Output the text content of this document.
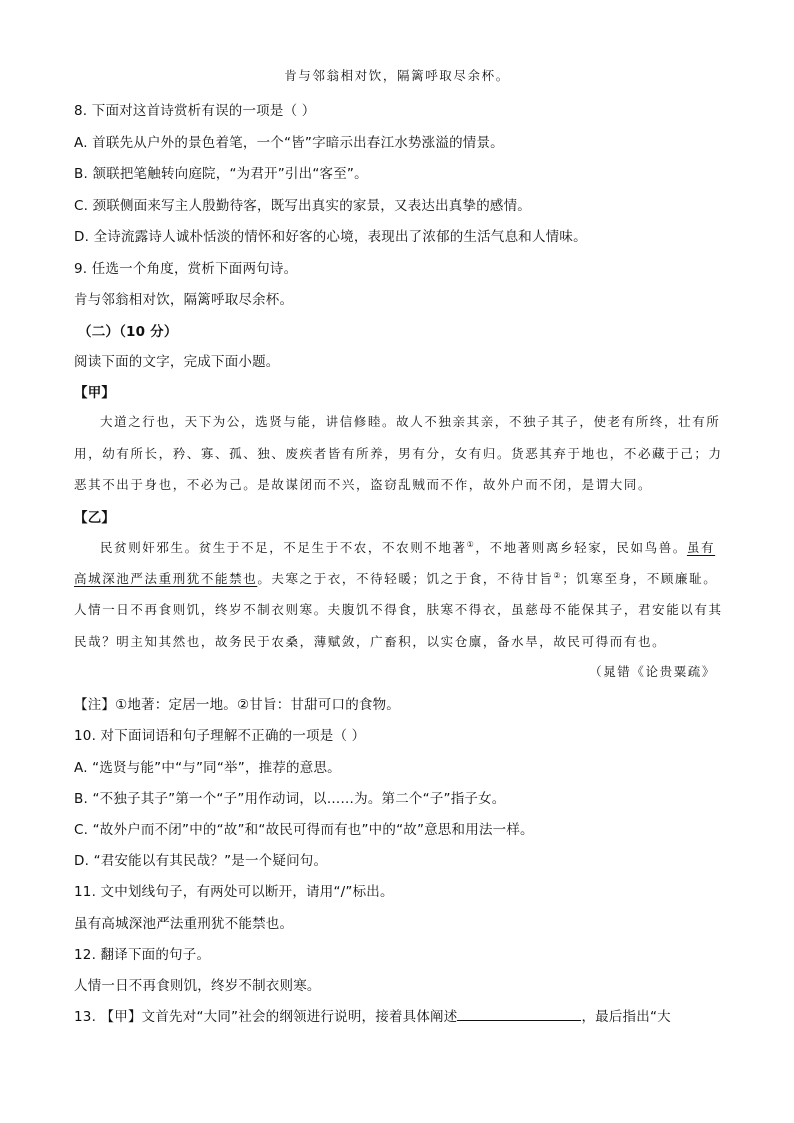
肯与邻翁相对饮，隔篱呼取尽余杯。
8. 下面对这首诗赏析有误的一项是（ ）
A. 首联先从户外的景色着笔，一个“皆”字暗示出春江水势涨溢的情景。
B. 颔联把笔触转向庭院，“为君开”引出“客至”。
C. 颈联侧面来写主人殷勤待客，既写出真实的家景，又表达出真挚的感情。
D. 全诗流露诗人诚朴恬淡的情怀和好客的心境，表现出了浓郁的生活气息和人情味。
9. 任选一个角度，赏析下面两句诗。
肯与邻翁相对饮，隔篱呼取尽余杯。
（二）（10 分）
阅读下面的文字，完成下面小题。
【甲】
大道之行也，天下为公，选贤与能，讲信修睦。故人不独亲其亲，不独子其子，使老有所终，壮有所
用，幼有所长，矜、寡、孤、独、废疾者皆有所养，男有分，女有归。货恶其弃于地也，不必藏于己；力
恶其不出于身也，不必为己。是故谋闭而不兴，盗窃乱贼而不作，故外户而不闭，是谓大同。
【乙】
民贫则奸邪生。贫生于不足，不足生于不农，不农则不地著①，不地著则离乡轻家，民如鸟兽。虽有
高城深池严法重刑犹不能禁也。夫寒之于衣，不待轻暖；饥之于食，不待甘旨②；饥寒至身，不顾廉耻。
人情一日不再食则饥，终岁不制衣则寒。夫腹饥不得食，肤寒不得衣，虽慈母不能保其子，君安能以有其
民哉？明主知其然也，故务民于农桑，薄赋敛，广畜积，以实仓廪，备水旱，故民可得而有也。
（晁错《论贵粟疏》
【注】①地著：定居一地。②甘旨：甘甜可口的食物。
10. 对下面词语和句子理解不正确的一项是（ ）
A. “选贤与能”中“与”同“举”，推荐的意思。
B. “不独子其子”第一个“子”用作动词，以……为。第二个“子”指子女。
C. “故外户而不闭”中的“故”和“故民可得而有也”中的“故”意思和用法一样。
D. “君安能以有其民哉？”是一个疑问句。
11. 文中划线句子，有两处可以断开，请用“/”标出。
虽有高城深池严法重刑犹不能禁也。
12. 翻译下面的句子。
人情一日不再食则饥，终岁不制衣则寒。
13. 【甲】文首先对“大同”社会的纲领进行说明，接着具体阐述	，最后指出“大
